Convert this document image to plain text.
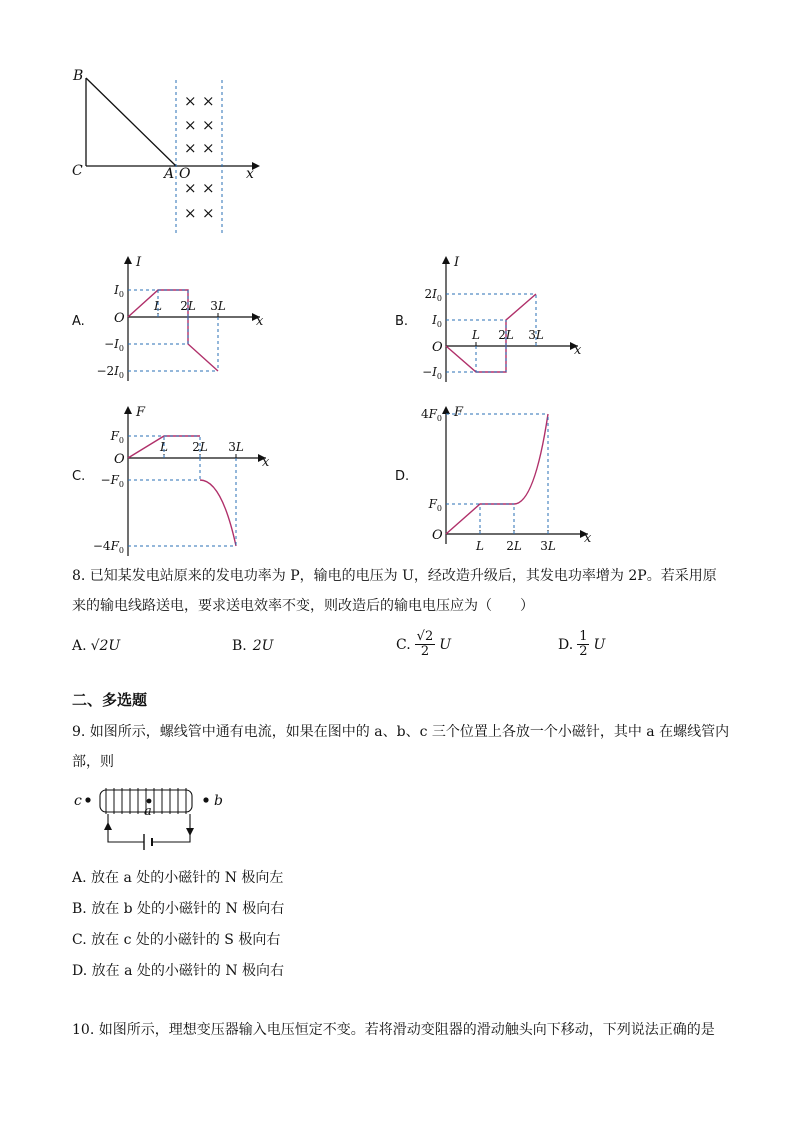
B
C	A O	x
× ×
× ×
× ×
× ×
× ×
A.	B.
C.	D.
I
x
O
L 2L 3L
$I_0$
$-I_0$
$-2I_0$
I
x
O
L 2L 3L
$2I_0$
$I_0$
$-I_0$
F
x
O
L 2L 3L
$F_0$
$-F_0$
$-4F_0$
F
x
O
L 2L 3L
$4F_0$
$F_0$
8. 已知某发电站原来的发电功率为 P，输电的电压为 U，经改造升级后，其发电功率增为 2P。若采用原
来的输电线路送电，要求送电效率不变，则改造后的输电电压应为（　　）
A. √2U	B. 2U	C. $\frac{√2}{2}$ U	D. $\frac{1}{2}$ U
二、多选题
9. 如图所示，螺线管中通有电流，如果在图中的 a、b、c 三个位置上各放一个小磁针，其中 a 在螺线管内
部，则
c
a
b
A. 放在 a 处的小磁针的 N 极向左
B. 放在 b 处的小磁针的 N 极向右
C. 放在 c 处的小磁针的 S 极向右
D. 放在 a 处的小磁针的 N 极向右
10. 如图所示，理想变压器输入电压恒定不变。若将滑动变阻器的滑动触头向下移动，下列说法正确的是
